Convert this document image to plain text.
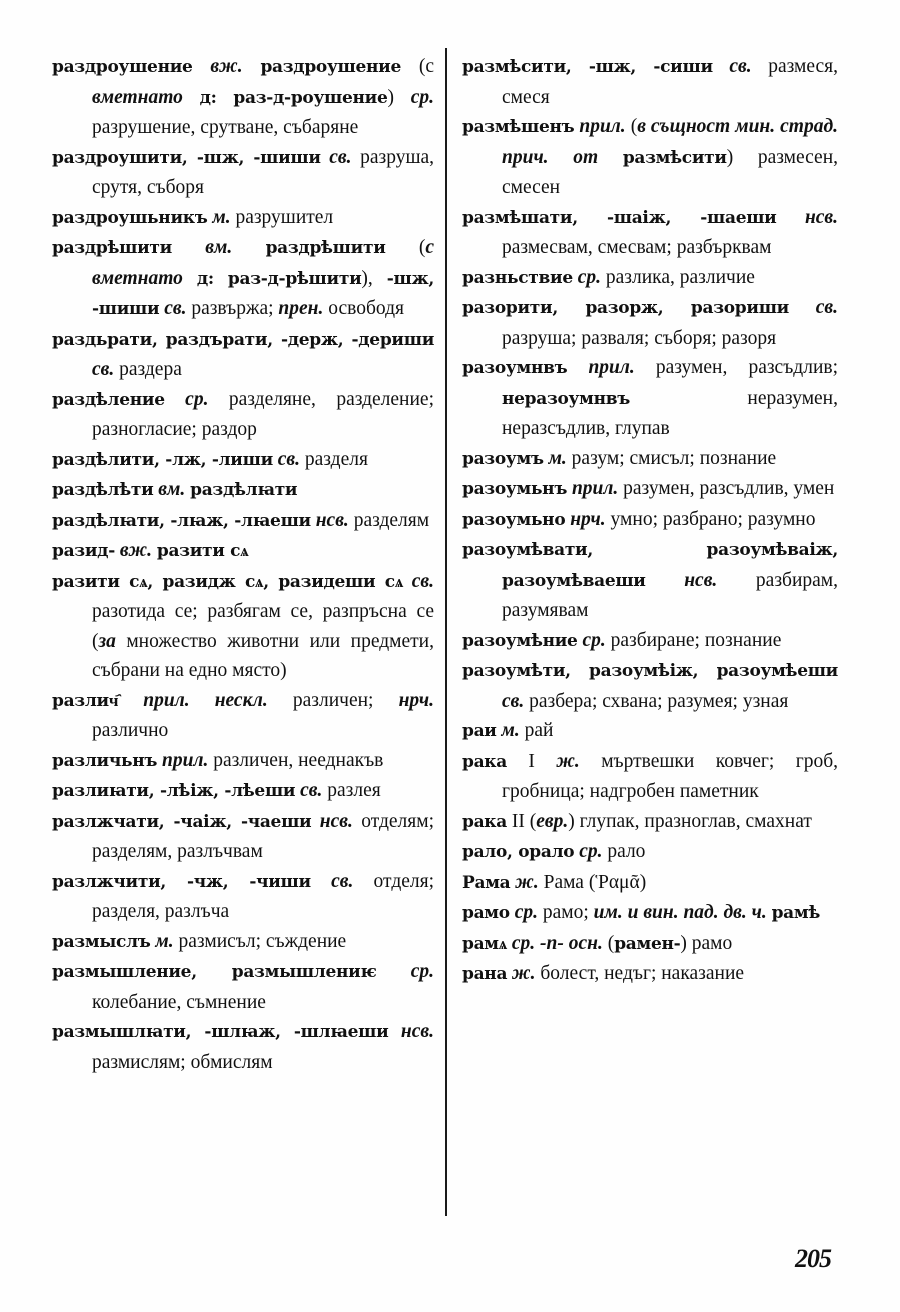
раздроушение вж. раздроушение (с вметнато д: раз-д-роушение) ср. разрушение, срутване, събаряне

раздроушити, -шж, -шиши св. разруша, срутя, съборя

раздроушьникъ м. разрушител

раздрѣшити вм. раздрѣшити (с вметнато д: раз-д-рѣшити), -шж, -шиши св. развържа; прен. освободя

раздьрати, раздърати, -держ, -дериши св. раздера

раздѣление ср. разделяне, разделение; разногласие; раздор

раздѣлити, -лж, -лиши св. разделя

раздѣлѣти вм. раздѣлꙗти

раздѣлꙗти, -лꙗж, -лꙗеши нсв. разделям

разид- вж. разити сѧ

разити сѧ, разидж сѧ, разидеши сѧ св. разотида се; разбягам се, разпръсна се (за множество животни или предмети, събрани на едно място)

различ҄ прил. нескл. различен; нрч. различно

различьнъ прил. различен, нееднакъв

разлиꙗти, -лѣіж, -лѣеши св. разлея

разлжчати, -чаіж, -чаеши нсв. отделям; разделям, разлъчвам

разлжчити, -чж, -чиши св. отделя; разделя, разлъча

размыслъ м. размисъл; съждение

размышление, размышлениѥ ср. колебание, съмнение

размышлꙗти, -шлꙗж, -шлꙗеши нсв. размислям; обмислям

размѣсити, -шж, -сиши св. размеся, смеся

размѣшенъ прил. (в същност мин. страд. прич. от размѣсити) размесен, смесен

размѣшати, -шаіж, -шаеши нсв. размесвам, смесвам; разбърквам

разньствие ср. разлика, различие

разорити, разорж, разориши св. разруша; разваля; съборя; разоря

разоумнвъ прил. разумен, разсъдлив; неразоумнвъ неразумен, неразсъдлив, глупав

разоумъ м. разум; смисъл; познание

разоумьнъ прил. разумен, разсъдлив, умен

разоумьно нрч. умно; разбрано; разумно

разоумѣвати, разоумѣваіж, разоумѣваеши нсв. разбирам, разумявам

разоумѣние ср. разбиране; познание

разоумѣти, разоумѣіж, разоумѣеши св. разбера; схвана; разумея; узная

раи м. рай

рака I ж. мъртвешки ковчег; гроб, гробница; надгробен паметник

рака II (евр.) глупак, празноглав, смахнат

рало, орало ср. рало

Рама ж. Рама (Ῥαμᾶ)

рамо ср. рамо; им. и вин. пад. дв. ч. рамѣ

рамѧ ср. -n- осн. (рамен-) рамо

рана ж. болест, недъг; наказание

205
